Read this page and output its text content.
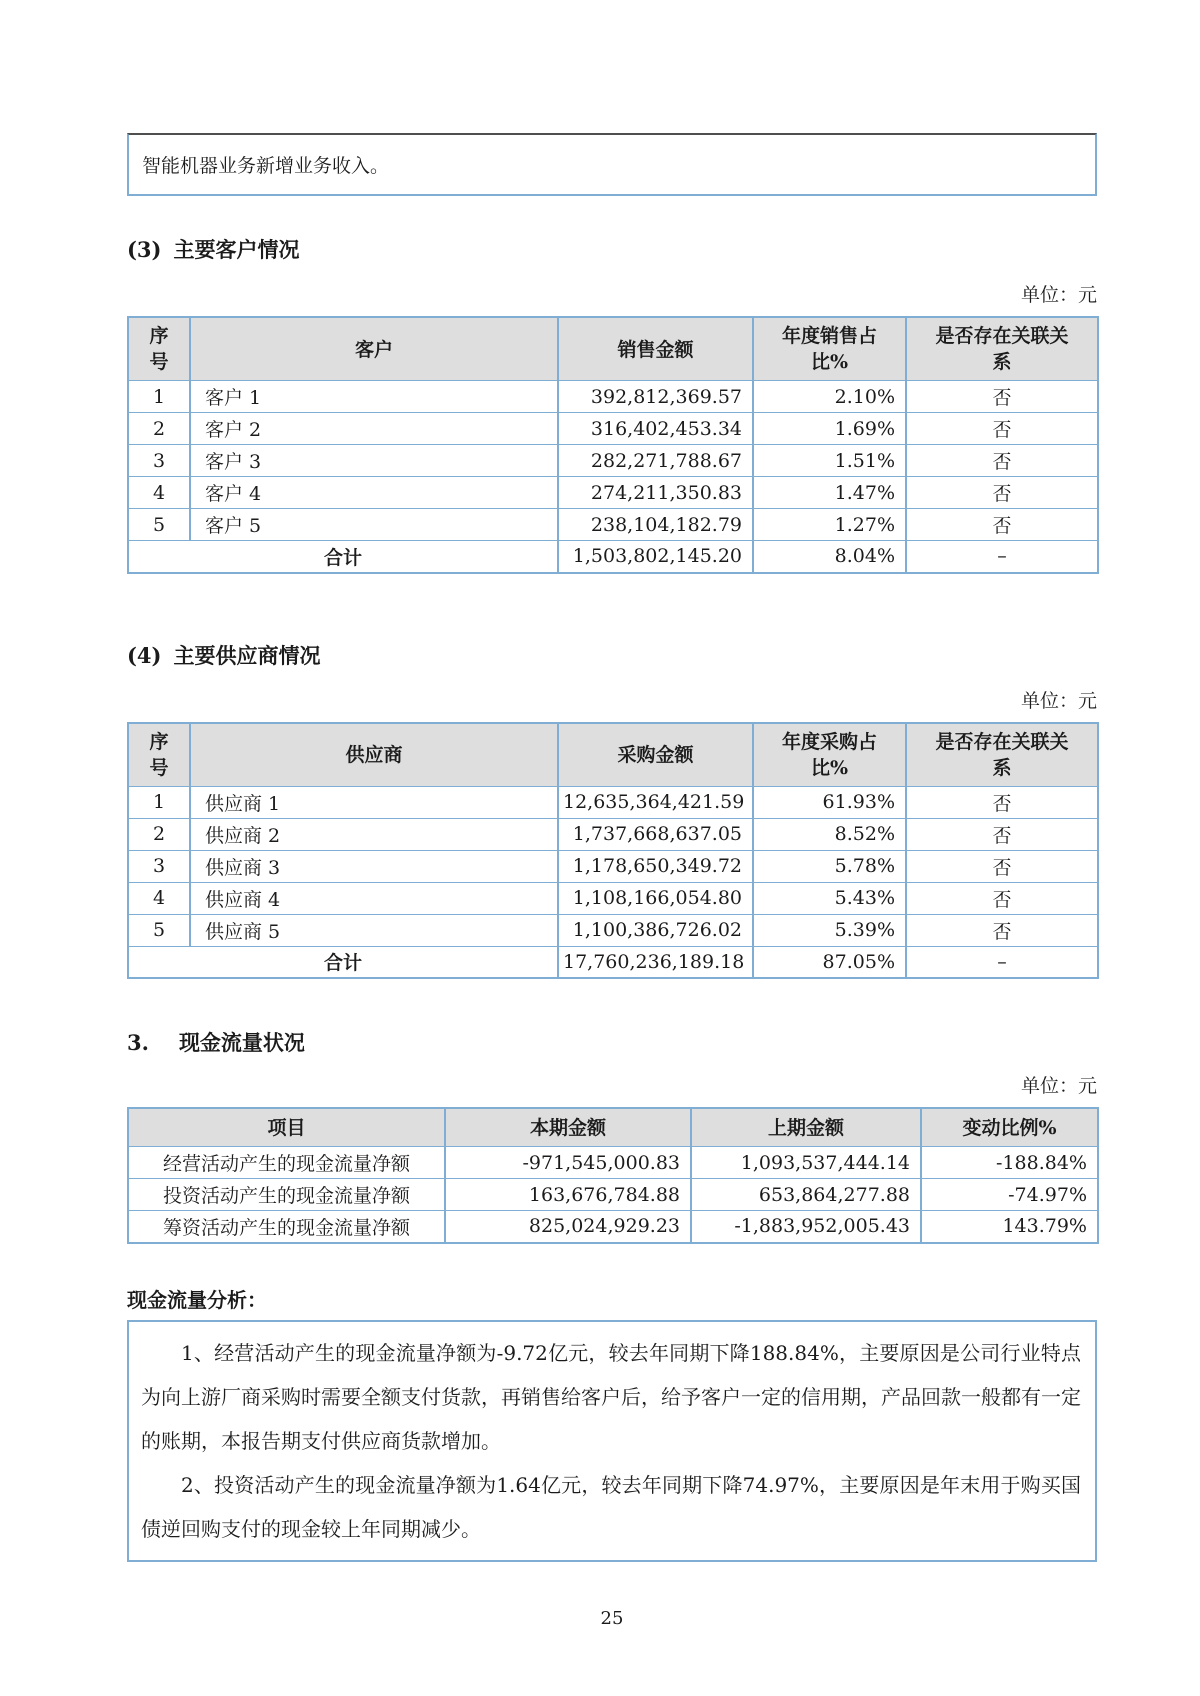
智能机器业务新增业务收入。
(3) 主要客户情况
单位：元
序号	客户	销售金额	年度销售占比%	是否存在关联关系
1	客户 1	392,812,369.57	2.10%	否
2	客户 2	316,402,453.34	1.69%	否
3	客户 3	282,271,788.67	1.51%	否
4	客户 4	274,211,350.83	1.47%	否
5	客户 5	238,104,182.79	1.27%	否
合计		1,503,802,145.20	8.04%	–
(4) 主要供应商情况
单位：元
序号	供应商	采购金额	年度采购占比%	是否存在关联关系
1	供应商 1	12,635,364,421.59	61.93%	否
2	供应商 2	1,737,668,637.05	8.52%	否
3	供应商 3	1,178,650,349.72	5.78%	否
4	供应商 4	1,108,166,054.80	5.43%	否
5	供应商 5	1,100,386,726.02	5.39%	否
合计		17,760,236,189.18	87.05%	–
3. 现金流量状况
单位：元
项目	本期金额	上期金额	变动比例%
经营活动产生的现金流量净额	-971,545,000.83	1,093,537,444.14	-188.84%
投资活动产生的现金流量净额	163,676,784.88	653,864,277.88	-74.97%
筹资活动产生的现金流量净额	825,024,929.23	-1,883,952,005.43	143.79%
现金流量分析：

1、经营活动产生的现金流量净额为-9.72亿元，较去年同期下降188.84%，主要原因是公司行业特点为向上游厂商采购时需要全额支付货款，再销售给客户后，给予客户一定的信用期，产品回款一般都有一定的账期，本报告期支付供应商货款增加。

2、投资活动产生的现金流量净额为1.64亿元，较去年同期下降74.97%，主要原因是年末用于购买国债逆回购支付的现金较上年同期减少。

25
